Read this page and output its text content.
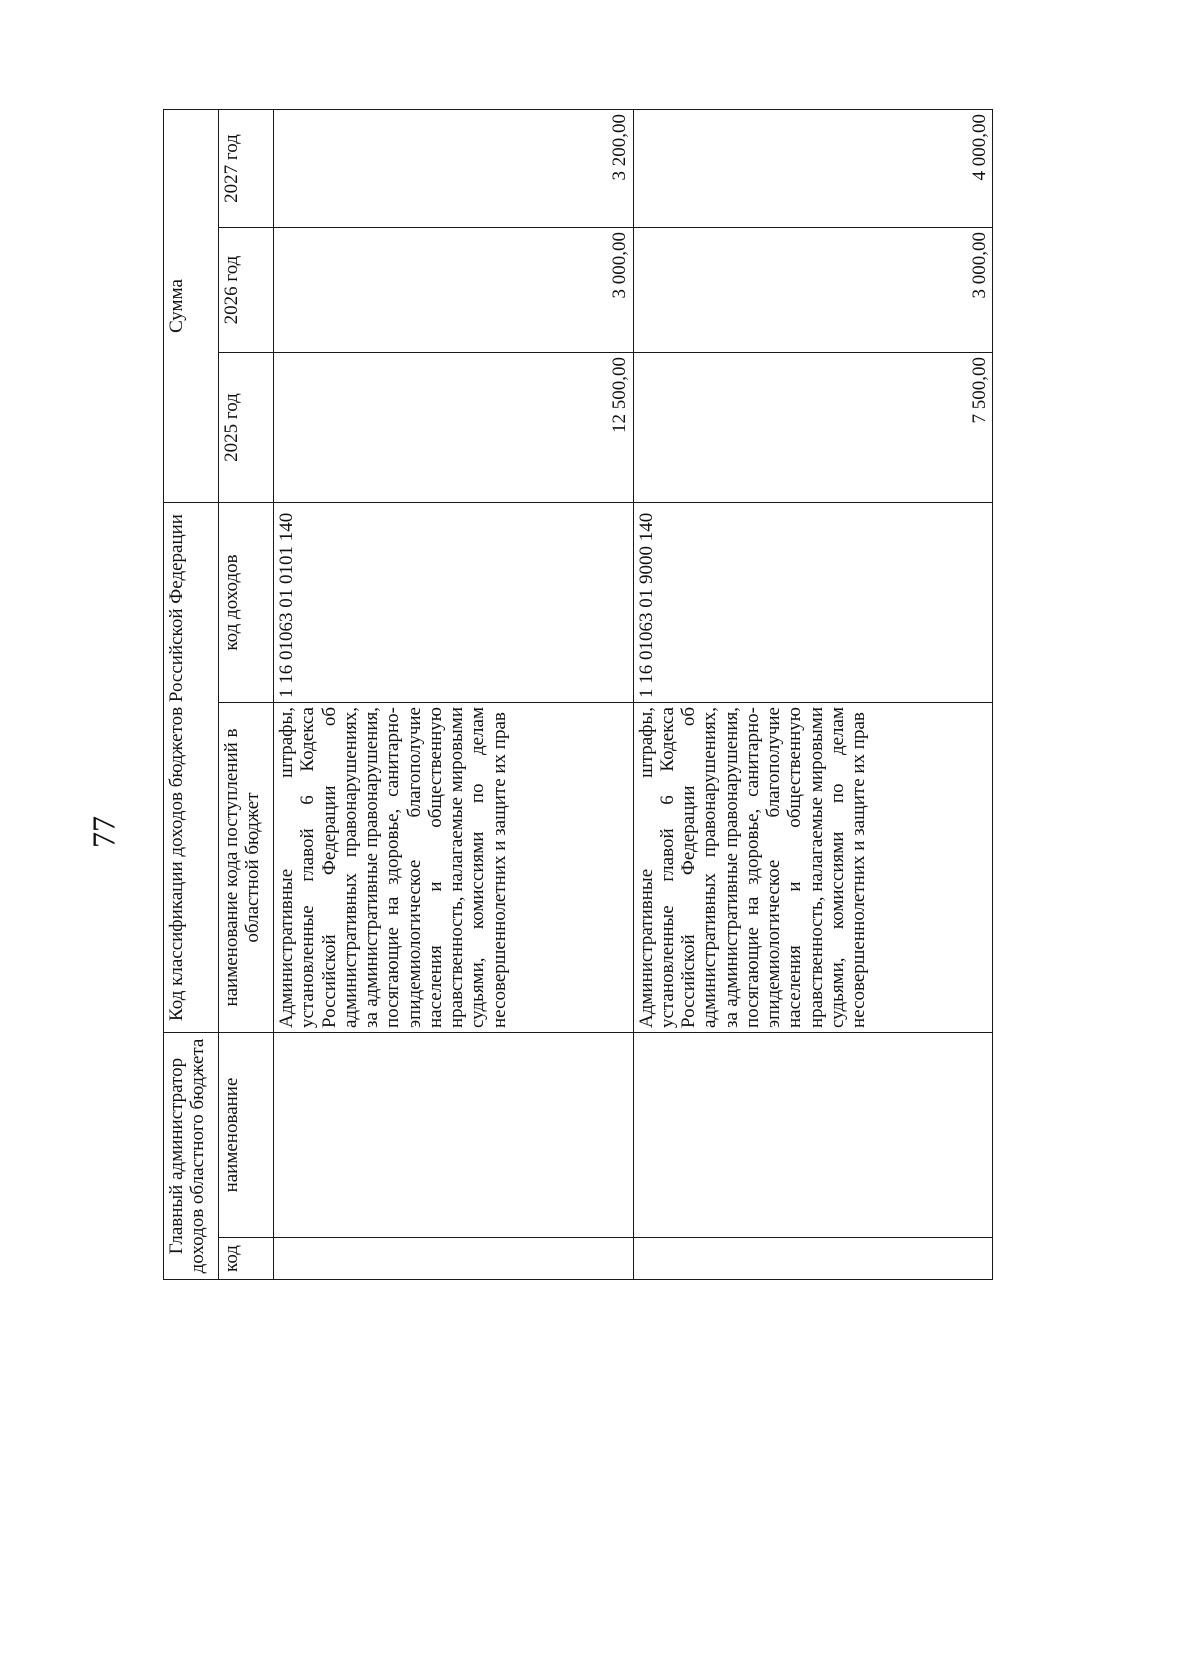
77
Главный администратор доходов областного бюджета		Код классификации доходов бюджетов Российской Федерации		Сумма		
код	наименование	наименование кода поступлений в областной бюджет	код доходов	2025 год	2026 год	2027 год
		Административные штрафы, установленные главой 6 Кодекса Российской Федерации об административных правонарушениях, за административные правонарушения, посягающие на здоровье, санитарно-эпидемиологическое благополучие населения и общественную нравственность, налагаемые мировыми судьями, комиссиями по делам несовершеннолетних и защите их прав	1 16 01063 01 0101 140	12 500,00	3 000,00	3 200,00
		Административные штрафы, установленные главой 6 Кодекса Российской Федерации об административных правонарушениях, за административные правонарушения, посягающие на здоровье, санитарно-эпидемиологическое благополучие населения и общественную нравственность, налагаемые мировыми судьями, комиссиями по делам несовершеннолетних и защите их прав	1 16 01063 01 9000 140	7 500,00	3 000,00	4 000,00
